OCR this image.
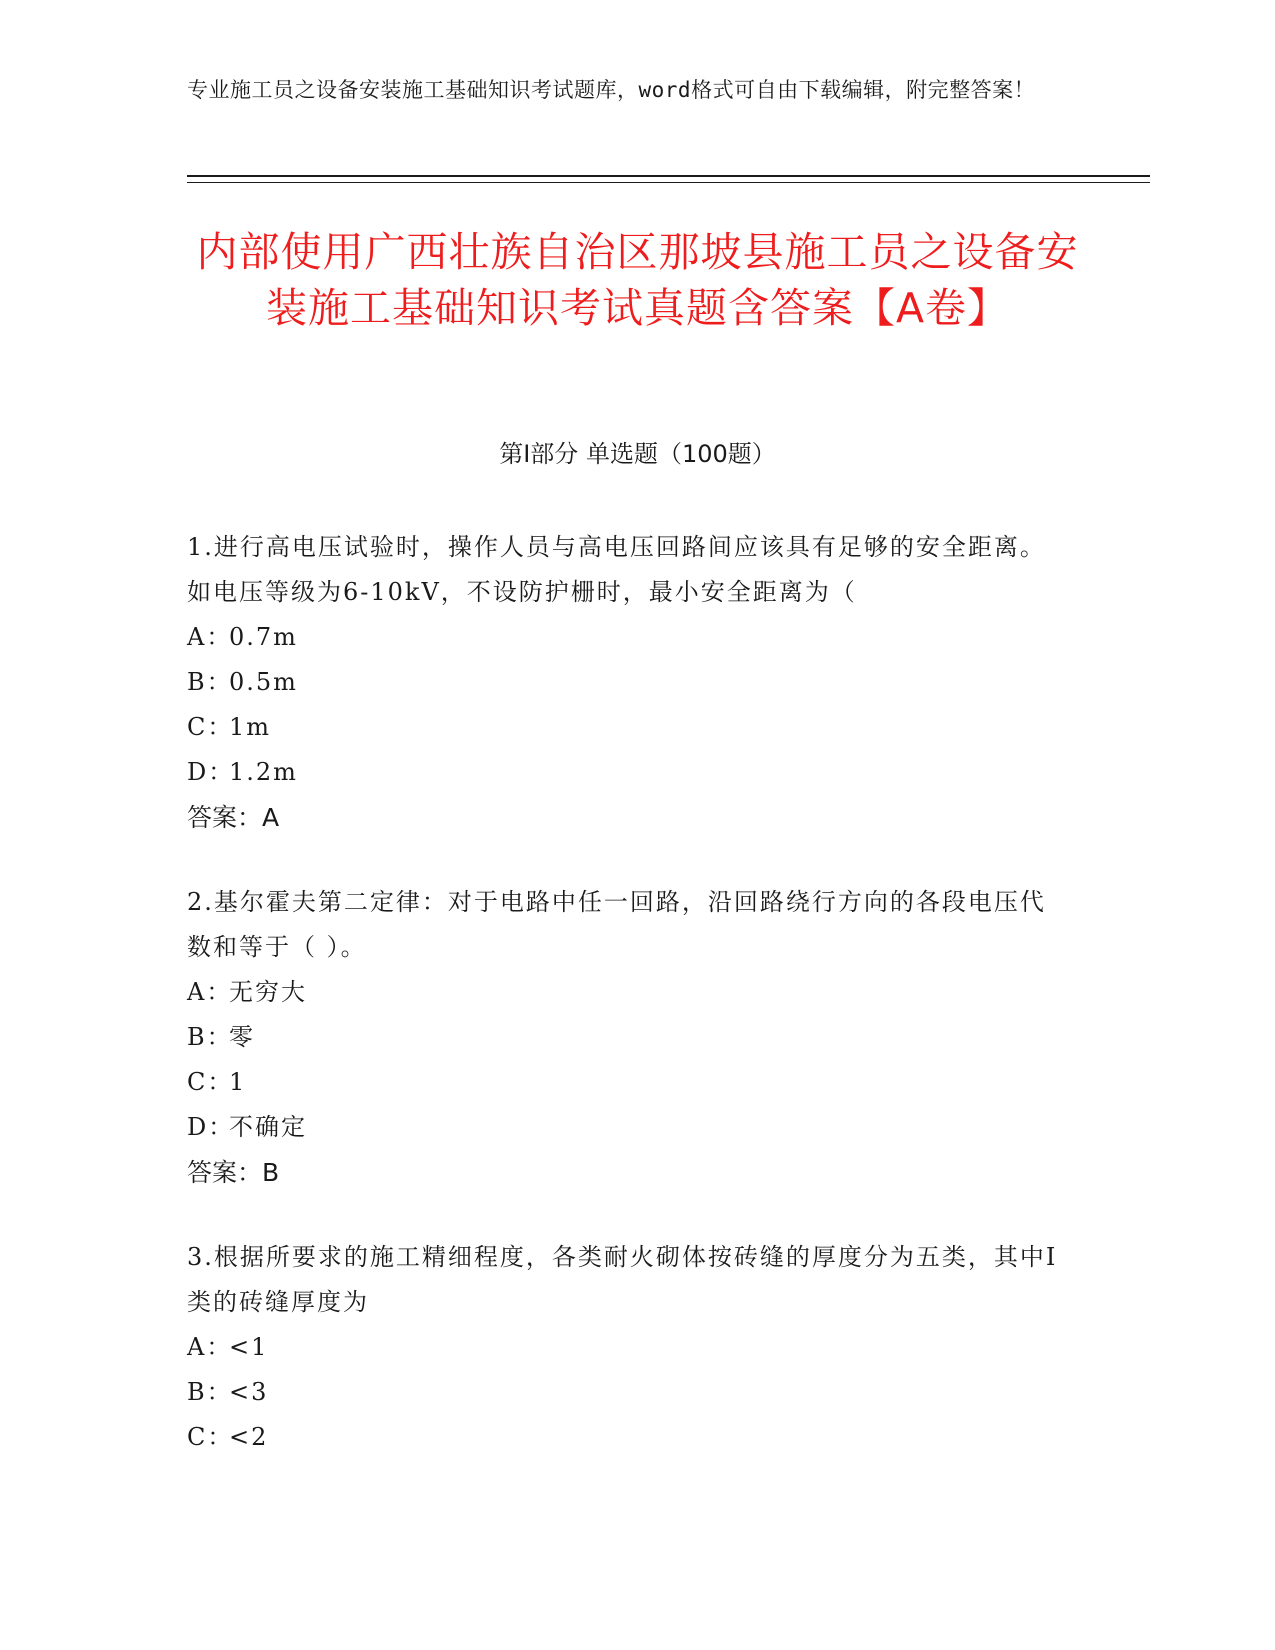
专业施工员之设备安装施工基础知识考试题库，word格式可自由下载编辑，附完整答案！
内部使用广西壮族自治区那坡县施工员之设备安装施工基础知识考试真题含答案【A卷】
第Ⅰ部分 单选题（100题）

1.进行高电压试验时，操作人员与高电压回路间应该具有足够的安全距离。如电压等级为6-10kV，不设防护栅时，最小安全距离为（

A：0.7m

B：0.5m

C：1m

D：1.2m

答案：A

2.基尔霍夫第二定律：对于电路中任一回路，沿回路绕行方向的各段电压代数和等于（ ）。

A：无穷大

B：零

C：1

D：不确定

答案：B

3.根据所要求的施工精细程度，各类耐火砌体按砖缝的厚度分为五类，其中Ⅰ类的砖缝厚度为

A：<1

B：<3

C：<2
